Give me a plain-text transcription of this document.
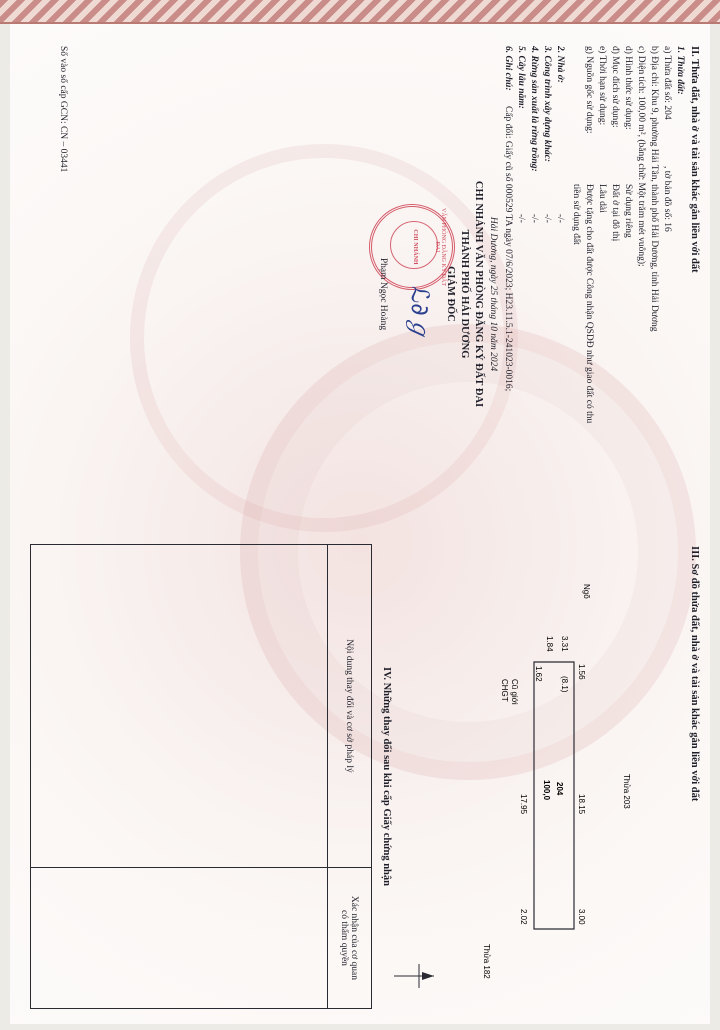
II. Thửa đất, nhà ở và tài sản khác gắn liền với đất
1. Thửa đất:
a) Thửa đất số: 204
, tờ bản đồ số: 16
b) Địa chỉ: Khu 9, phường Hải Tân, thành phố Hải Dương, tỉnh Hải Dương
c) Diện tích: 100,00 m², (bằng chữ: Một trăm mét vuông);
d) Hình thức sử dụng:
Sử dụng riêng
đ) Mục đích sử dụng:
Đất ở tại đô thị
e) Thời hạn sử dụng:
Lâu dài
g) Nguồn gốc sử dụng:
Được tặng cho đất được Công nhận QSDĐ như giao đất có thu
tiền sử dụng đất
2. Nhà ở:
-/-
3. Công trình xây dựng khác:
-/-
4. Rừng sản xuất là rừng trồng:
-/-
5. Cây lâu năm:
-/-
6. Ghi chú:
Cấp đổi: Giấy cũ số 000529 TA ngày 07/6/2023; H23.11.5.1-241023-0016;
Hải Dương, ngày 25 tháng 10 năm 2024
CHI NHÁNH VĂN PHÒNG ĐĂNG KÝ ĐẤT ĐAI
THÀNH PHỐ HẢI DƯƠNG
GIÁM ĐỐC
VĂN PHÒNG ĐĂNG KÝ ĐẤT ĐAI
CHI NHÁNH
ℒ∂ℊ
Phạm Ngọc Hoàng
Số vào sổ cấp GCN: CN – 03441
III. Sơ đồ thửa đất, nhà ở và tài sản khác gắn liền với đất
1.56
18.15
17.95
2.02	3.00
(8.1)
3.31
1.84
1.62
204
100,0	Thửa 203
Thửa 182
Ngõ
Cũ giới
CHGT
IV. Những thay đổi sau khi cấp Giấy chứng nhận
Nội dung thay đổi và cơ sở pháp lý	Xác nhận của cơ quan
có thẩm quyền
